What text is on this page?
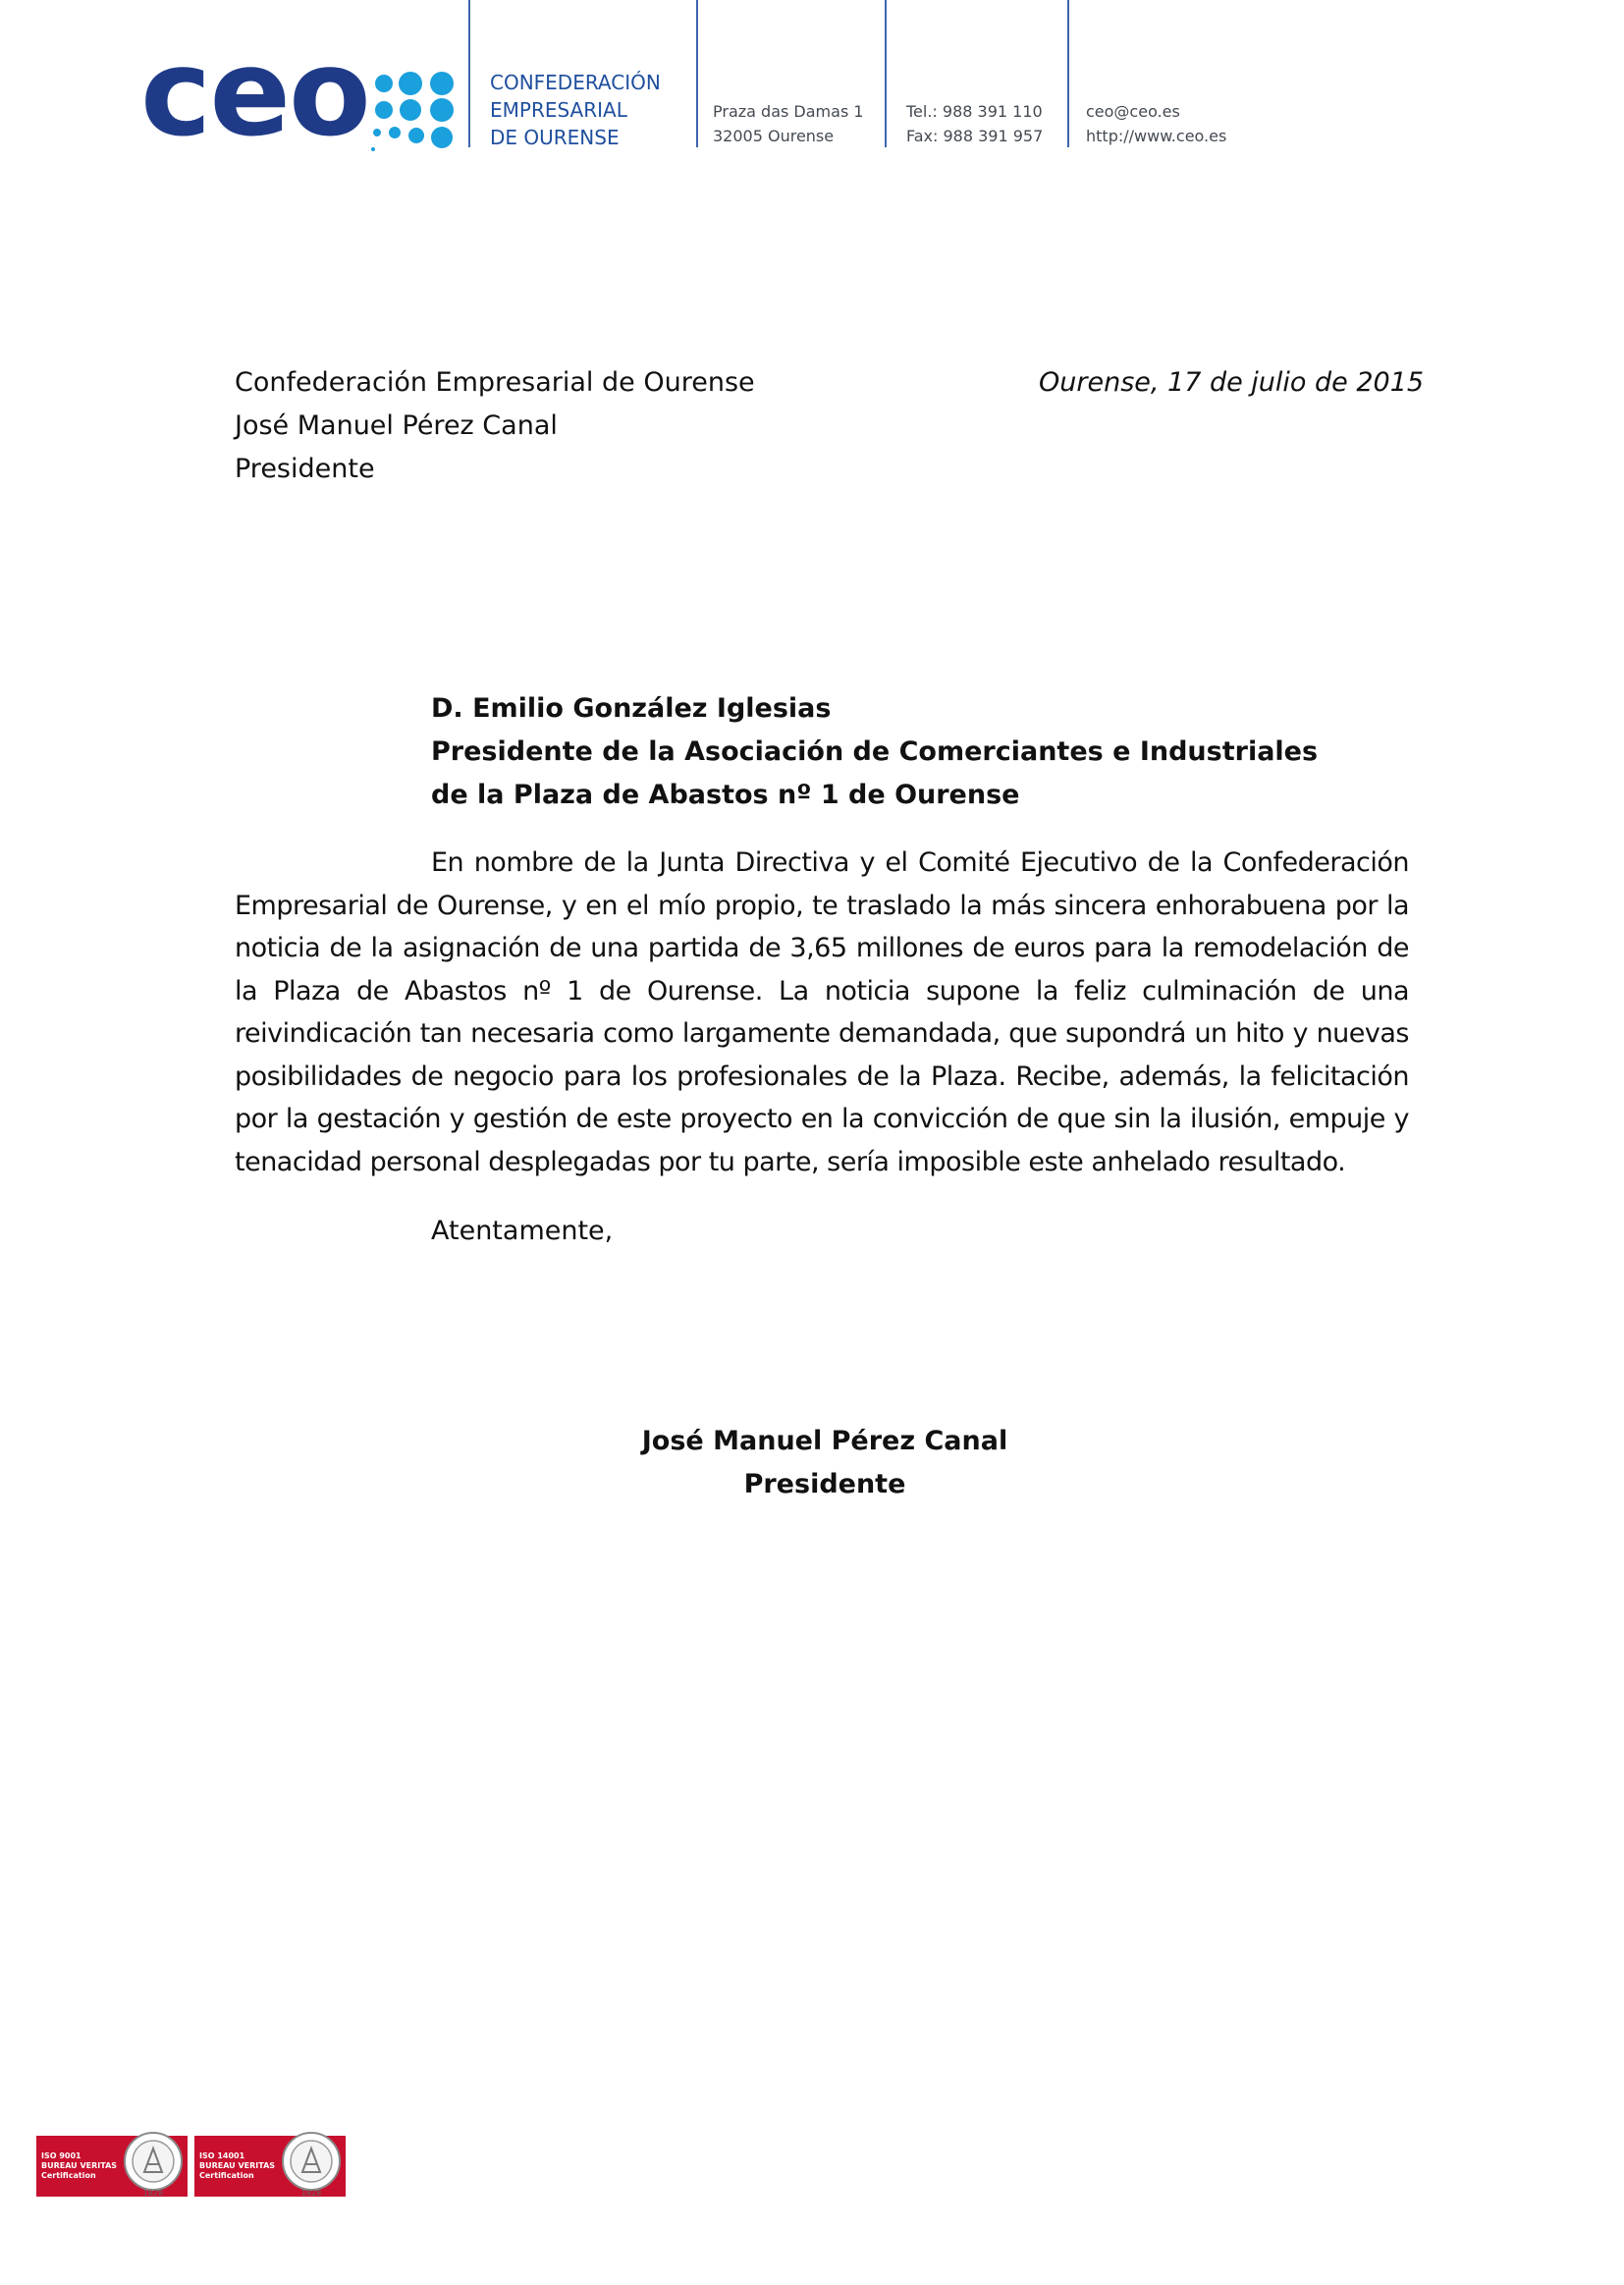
ceo	CONFEDERACIÓN
EMPRESARIAL
DE OURENSE
Praza das Damas 1
32005 Ourense
Tel.: 988 391 110
Fax: 988 391 957
ceo@ceo.es
http://www.ceo.es
Confederación Empresarial de Ourense
José Manuel Pérez Canal
Presidente
Ourense, 17 de julio de 2015
D. Emilio González Iglesias
Presidente de la Asociación de Comerciantes e Industriales
de la Plaza de Abastos nº 1 de Ourense
En nombre de la Junta Directiva y el Comité Ejecutivo de la Confederación Empresarial de Ourense, y en el mío propio, te traslado la más sincera enhorabuena por la noticia de la asignación de una partida de 3,65 millones de euros para la remodelación de la Plaza de Abastos nº 1 de Ourense. La noticia supone la feliz culminación de una reivindicación tan necesaria como largamente demandada, que supondrá un hito y nuevas posibilidades de negocio para los profesionales de la Plaza. Recibe, además, la felicitación por la gestación y gestión de este proyecto en la convicción de que sin la ilusión, empuje y tenacidad personal desplegadas por tu parte, sería imposible este anhelado resultado.
Atentamente,
José Manuel Pérez Canal
Presidente
ISO 9001
BUREAU VERITAS
Certification
1828
ISO 14001
BUREAU VERITAS
Certification
1828
